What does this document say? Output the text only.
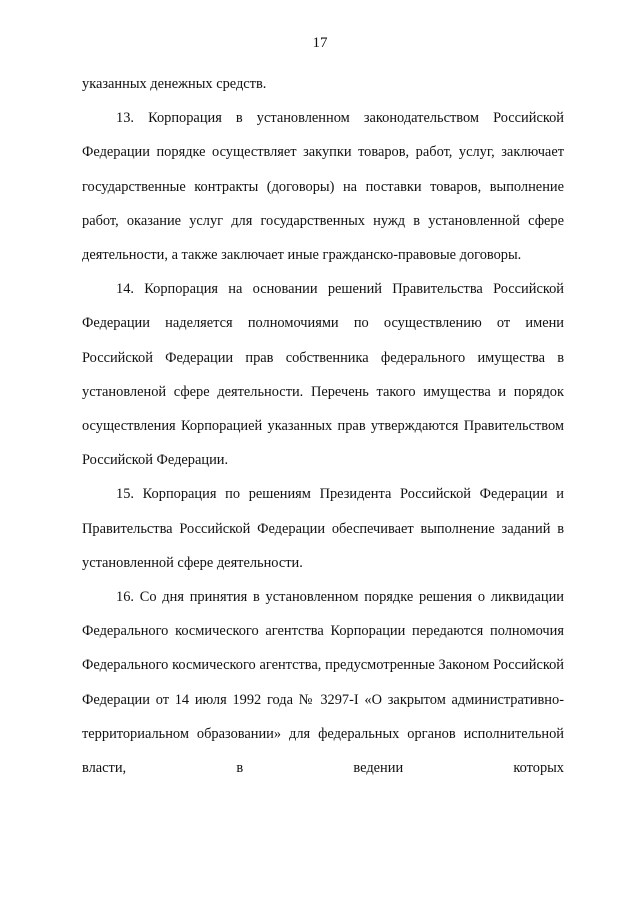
17

указанных денежных средств.

13. Корпорация в установленном законодательством Российской Федерации порядке осуществляет закупки товаров, работ, услуг, заключает государственные контракты (договоры) на поставки товаров, выполнение работ, оказание услуг для государственных нужд в установленной сфере деятельности, а также заключает иные гражданско-правовые договоры.

14. Корпорация на основании решений Правительства Российской Федерации наделяется полномочиями по осуществлению от имени Российской Федерации прав собственника федерального имущества в установленой сфере деятельности. Перечень такого имущества и порядок осуществления Корпорацией указанных прав утверждаются Правительством Российской Федерации.

15. Корпорация по решениям Президента Российской Федерации и Правительства Российской Федерации обеспечивает выполнение заданий в установленной сфере деятельности.

16. Со дня принятия в установленном порядке решения о ликвидации Федерального космического агентства Корпорации передаются полномочия Федерального космического агентства, предусмотренные Законом Российской Федерации от 14 июля 1992 года № 3297-I «О закрытом административно-территориальном образовании» для федеральных органов исполнительной власти, в ведении которых
